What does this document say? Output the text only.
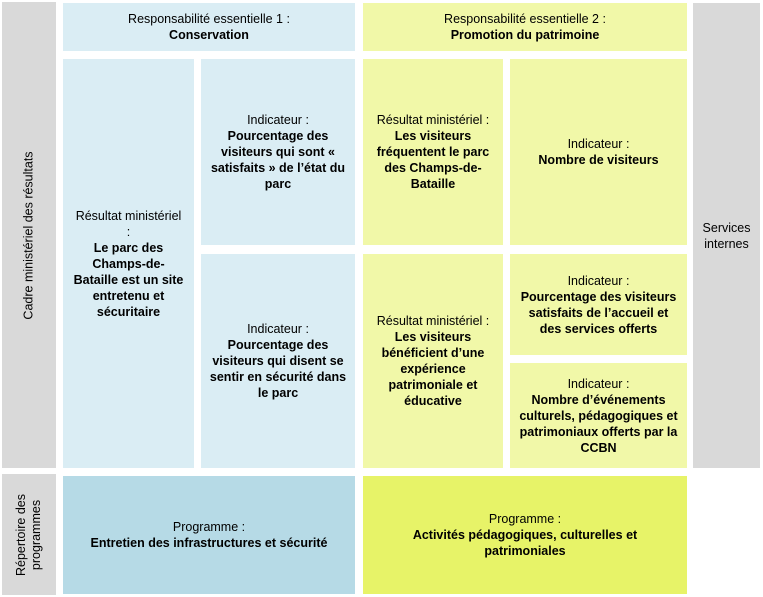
Cadre ministériel des résultats
Répertoire des programmes
Responsabilité essentielle 1 :
Conservation
Responsabilité essentielle 2 :
Promotion du patrimoine
Services
internes
Résultat ministériel :
Le parc des Champs-de-Bataille est un site entretenu et sécuritaire
Indicateur :
Pourcentage des visiteurs qui sont « satisfaits » de l’état du parc
Indicateur :
Pourcentage des visiteurs qui disent se sentir en sécurité dans le parc
Résultat ministériel :
Les visiteurs fréquentent le parc des Champs-de-Bataille
Résultat ministériel :
Les visiteurs bénéficient d’une expérience patrimoniale et éducative
Indicateur :
Nombre de visiteurs
Indicateur :
Pourcentage des visiteurs satisfaits de l’accueil et des services offerts
Indicateur :
Nombre d’événements culturels, pédagogiques et patrimoniaux offerts par la CCBN
Programme :
Entretien des infrastructures et sécurité
Programme :
Activités pédagogiques, culturelles et patrimoniales
